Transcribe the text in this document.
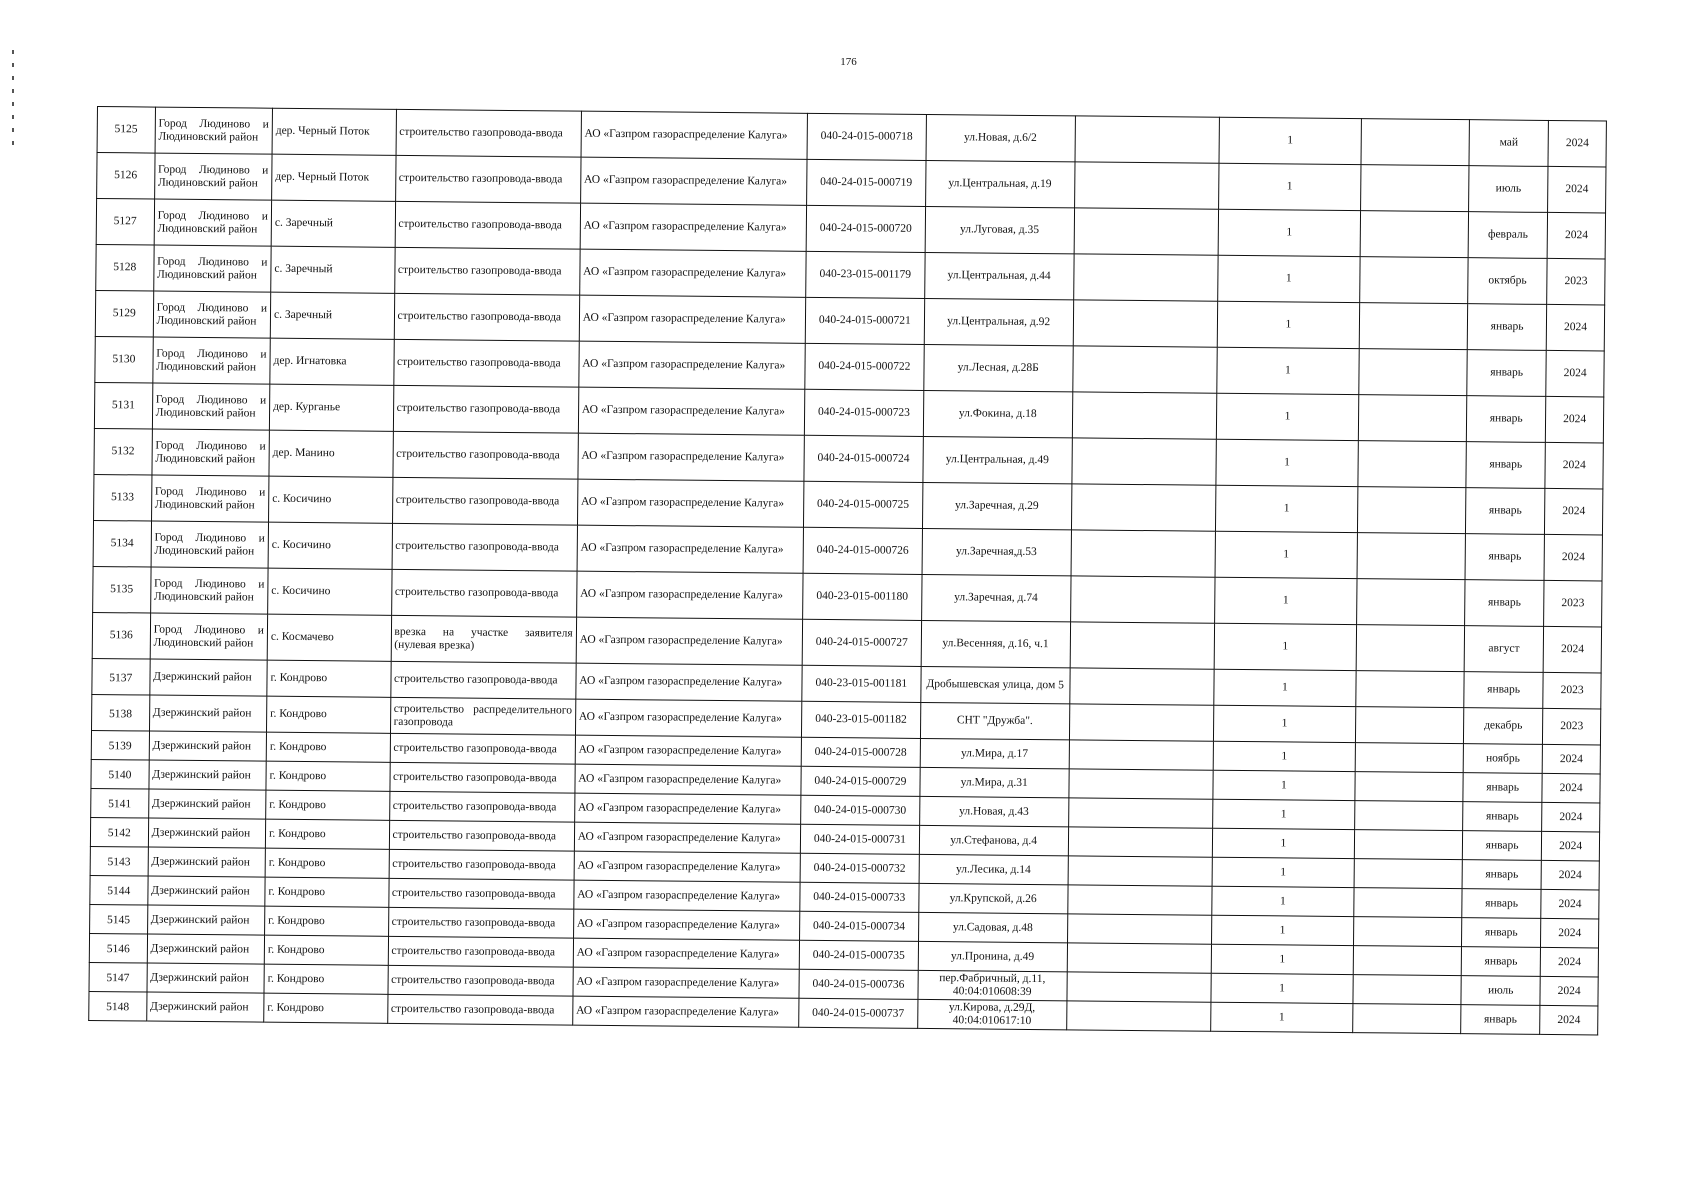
176
5125	Город Людиново и Людиновский район	дер. Черный Поток	строительство газопровода-ввода	АО «Газпром газораспределение Калуга»	040-24-015-000718	ул.Новая, д.6/2		1		май	2024
5126	Город Людиново и Людиновский район	дер. Черный Поток	строительство газопровода-ввода	АО «Газпром газораспределение Калуга»	040-24-015-000719	ул.Центральная, д.19		1		июль	2024
5127	Город Людиново и Людиновский район	с. Заречный	строительство газопровода-ввода	АО «Газпром газораспределение Калуга»	040-24-015-000720	ул.Луговая, д.35		1		февраль	2024
5128	Город Людиново и Людиновский район	с. Заречный	строительство газопровода-ввода	АО «Газпром газораспределение Калуга»	040-23-015-001179	ул.Центральная, д.44		1		октябрь	2023
5129	Город Людиново и Людиновский район	с. Заречный	строительство газопровода-ввода	АО «Газпром газораспределение Калуга»	040-24-015-000721	ул.Центральная, д.92		1		январь	2024
5130	Город Людиново и Людиновский район	дер. Игнатовка	строительство газопровода-ввода	АО «Газпром газораспределение Калуга»	040-24-015-000722	ул.Лесная, д.28Б		1		январь	2024
5131	Город Людиново и Людиновский район	дер. Курганье	строительство газопровода-ввода	АО «Газпром газораспределение Калуга»	040-24-015-000723	ул.Фокина, д.18		1		январь	2024
5132	Город Людиново и Людиновский район	дер. Манино	строительство газопровода-ввода	АО «Газпром газораспределение Калуга»	040-24-015-000724	ул.Центральная, д.49		1		январь	2024
5133	Город Людиново и Людиновский район	с. Косичино	строительство газопровода-ввода	АО «Газпром газораспределение Калуга»	040-24-015-000725	ул.Заречная, д.29		1		январь	2024
5134	Город Людиново и Людиновский район	с. Косичино	строительство газопровода-ввода	АО «Газпром газораспределение Калуга»	040-24-015-000726	ул.Заречная,д.53		1		январь	2024
5135	Город Людиново и Людиновский район	с. Косичино	строительство газопровода-ввода	АО «Газпром газораспределение Калуга»	040-23-015-001180	ул.Заречная, д.74		1		январь	2023
5136	Город Людиново и Людиновский район	с. Космачево	врезка на участке заявителя (нулевая врезка)	АО «Газпром газораспределение Калуга»	040-24-015-000727	ул.Весенняя, д.16, ч.1		1		август	2024
5137	Дзержинский район	г. Кондрово	строительство газопровода-ввода	АО «Газпром газораспределение Калуга»	040-23-015-001181	Дробышевская улица, дом 5		1		январь	2023
5138	Дзержинский район	г. Кондрово	строительство распределительного газопровода	АО «Газпром газораспределение Калуга»	040-23-015-001182	СНТ "Дружба".		1		декабрь	2023
5139	Дзержинский район	г. Кондрово	строительство газопровода-ввода	АО «Газпром газораспределение Калуга»	040-24-015-000728	ул.Мира, д.17		1		ноябрь	2024
5140	Дзержинский район	г. Кондрово	строительство газопровода-ввода	АО «Газпром газораспределение Калуга»	040-24-015-000729	ул.Мира, д.31		1		январь	2024
5141	Дзержинский район	г. Кондрово	строительство газопровода-ввода	АО «Газпром газораспределение Калуга»	040-24-015-000730	ул.Новая, д.43		1		январь	2024
5142	Дзержинский район	г. Кондрово	строительство газопровода-ввода	АО «Газпром газораспределение Калуга»	040-24-015-000731	ул.Стефанова, д.4		1		январь	2024
5143	Дзержинский район	г. Кондрово	строительство газопровода-ввода	АО «Газпром газораспределение Калуга»	040-24-015-000732	ул.Лесика, д.14		1		январь	2024
5144	Дзержинский район	г. Кондрово	строительство газопровода-ввода	АО «Газпром газораспределение Калуга»	040-24-015-000733	ул.Крупской, д.26		1		январь	2024
5145	Дзержинский район	г. Кондрово	строительство газопровода-ввода	АО «Газпром газораспределение Калуга»	040-24-015-000734	ул.Садовая, д.48		1		январь	2024
5146	Дзержинский район	г. Кондрово	строительство газопровода-ввода	АО «Газпром газораспределение Калуга»	040-24-015-000735	ул.Пронина, д.49		1		январь	2024
5147	Дзержинский район	г. Кондрово	строительство газопровода-ввода	АО «Газпром газораспределение Калуга»	040-24-015-000736	пер.Фабричный, д.11, 40:04:010608:39		1		июль	2024
5148	Дзержинский район	г. Кондрово	строительство газопровода-ввода	АО «Газпром газораспределение Калуга»	040-24-015-000737	ул.Кирова, д.29Д, 40:04:010617:10		1		январь	2024
